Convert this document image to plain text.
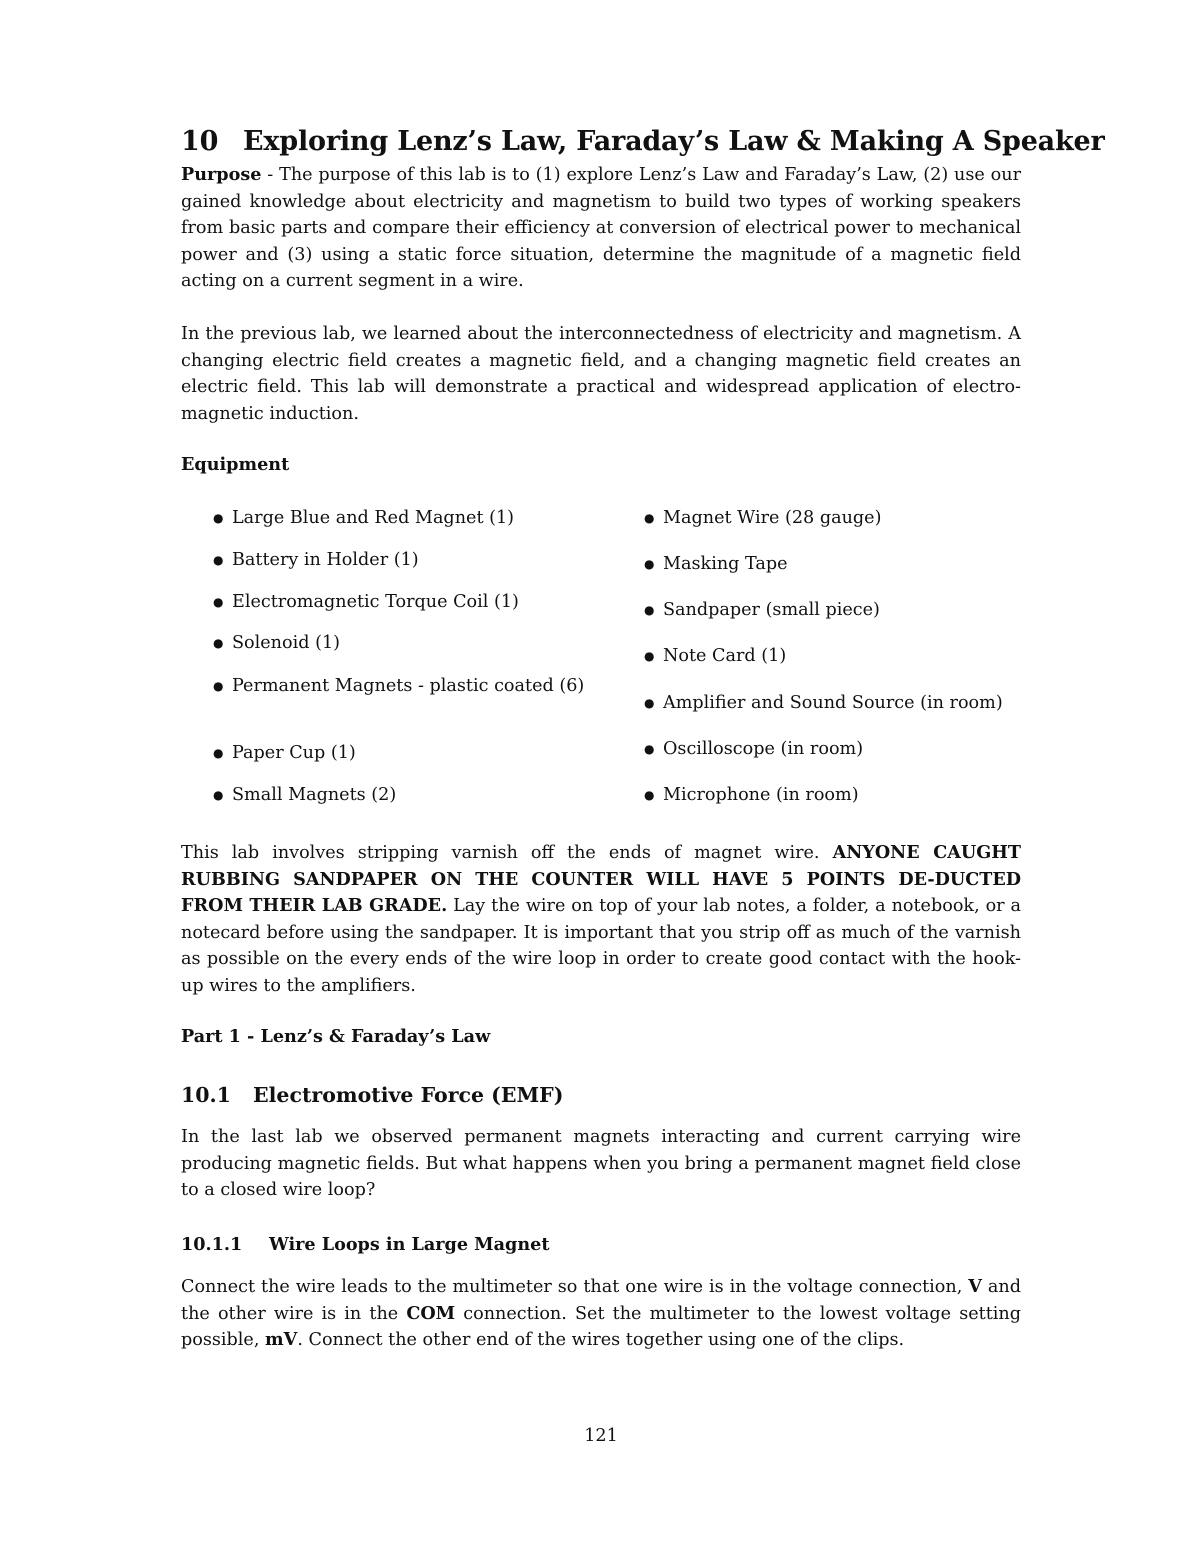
10 Exploring Lenz’s Law, Faraday’s Law & Making A Speaker

Purpose - The purpose of this lab is to (1) explore Lenz’s Law and Faraday’s Law, (2) use our gained knowledge about electricity and magnetism to build two types of working speakers from basic parts and compare their efficiency at conversion of electrical power to mechanical power and (3) using a static force situation, determine the magnitude of a magnetic field acting on a current segment in a wire.

In the previous lab, we learned about the interconnectedness of electricity and magnetism. A changing electric field creates a magnetic field, and a changing magnetic field creates an electric field. This lab will demonstrate a practical and widespread application of electro-magnetic induction.

Equipment
● Large Blue and Red Magnet (1)
● Battery in Holder (1)
● Electromagnetic Torque Coil (1)
● Solenoid (1)
● Permanent Magnets - plastic coated (6)
● Paper Cup (1)
● Small Magnets (2)
● Magnet Wire (28 gauge)
● Masking Tape
● Sandpaper (small piece)
● Note Card (1)
● Amplifier and Sound Source (in room)
● Oscilloscope (in room)
● Microphone (in room)

This lab involves stripping varnish off the ends of magnet wire. ANYONE CAUGHT RUBBING SANDPAPER ON THE COUNTER WILL HAVE 5 POINTS DE-DUCTED FROM THEIR LAB GRADE. Lay the wire on top of your lab notes, a folder, a notebook, or a notecard before using the sandpaper. It is important that you strip off as much of the varnish as possible on the every ends of the wire loop in order to create good contact with the hook-up wires to the amplifiers.

Part 1 - Lenz’s & Faraday’s Law
10.1 Electromotive Force (EMF)

In the last lab we observed permanent magnets interacting and current carrying wire producing magnetic fields. But what happens when you bring a permanent magnet field close to a closed wire loop?

10.1.1 Wire Loops in Large Magnet

Connect the wire leads to the multimeter so that one wire is in the voltage connection, V and the other wire is in the COM connection. Set the multimeter to the lowest voltage setting possible, mV. Connect the other end of the wires together using one of the clips.

121
